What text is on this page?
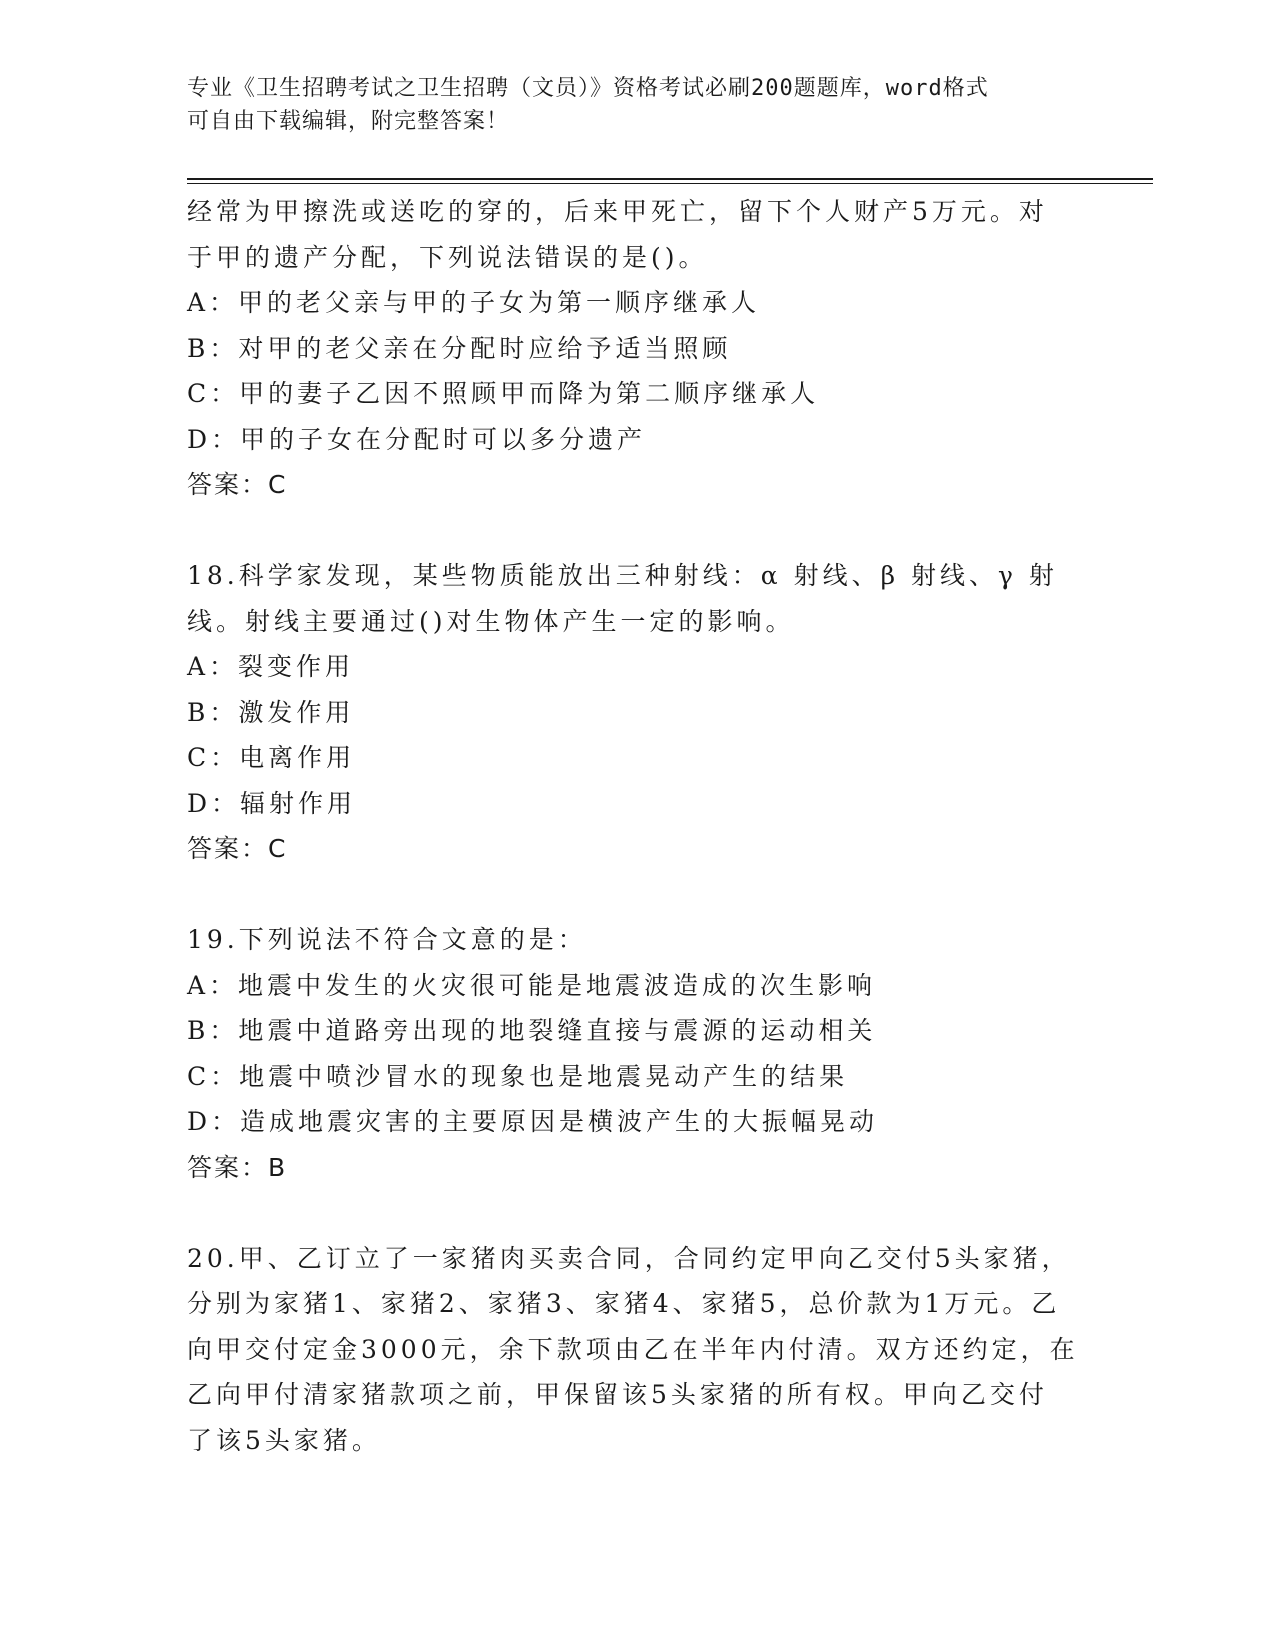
专业《卫生招聘考试之卫生招聘（文员）》资格考试必刷200题题库，word格式
可自由下载编辑，附完整答案！
经常为甲擦洗或送吃的穿的，后来甲死亡，留下个人财产5万元。对
于甲的遗产分配，下列说法错误的是()。
A：甲的老父亲与甲的子女为第一顺序继承人
B：对甲的老父亲在分配时应给予适当照顾
C：甲的妻子乙因不照顾甲而降为第二顺序继承人
D：甲的子女在分配时可以多分遗产
答案：C
18.科学家发现，某些物质能放出三种射线：α 射线、β 射线、γ 射
线。射线主要通过()对生物体产生一定的影响。
A：裂变作用
B：激发作用
C：电离作用
D：辐射作用
答案：C
19.下列说法不符合文意的是：
A：地震中发生的火灾很可能是地震波造成的次生影响
B：地震中道路旁出现的地裂缝直接与震源的运动相关
C：地震中喷沙冒水的现象也是地震晃动产生的结果
D：造成地震灾害的主要原因是横波产生的大振幅晃动
答案：B
20.甲、乙订立了一家猪肉买卖合同，合同约定甲向乙交付5头家猪，
分别为家猪1、家猪2、家猪3、家猪4、家猪5，总价款为1万元。乙
向甲交付定金3000元，余下款项由乙在半年内付清。双方还约定，在
乙向甲付清家猪款项之前，甲保留该5头家猪的所有权。甲向乙交付
了该5头家猪。
